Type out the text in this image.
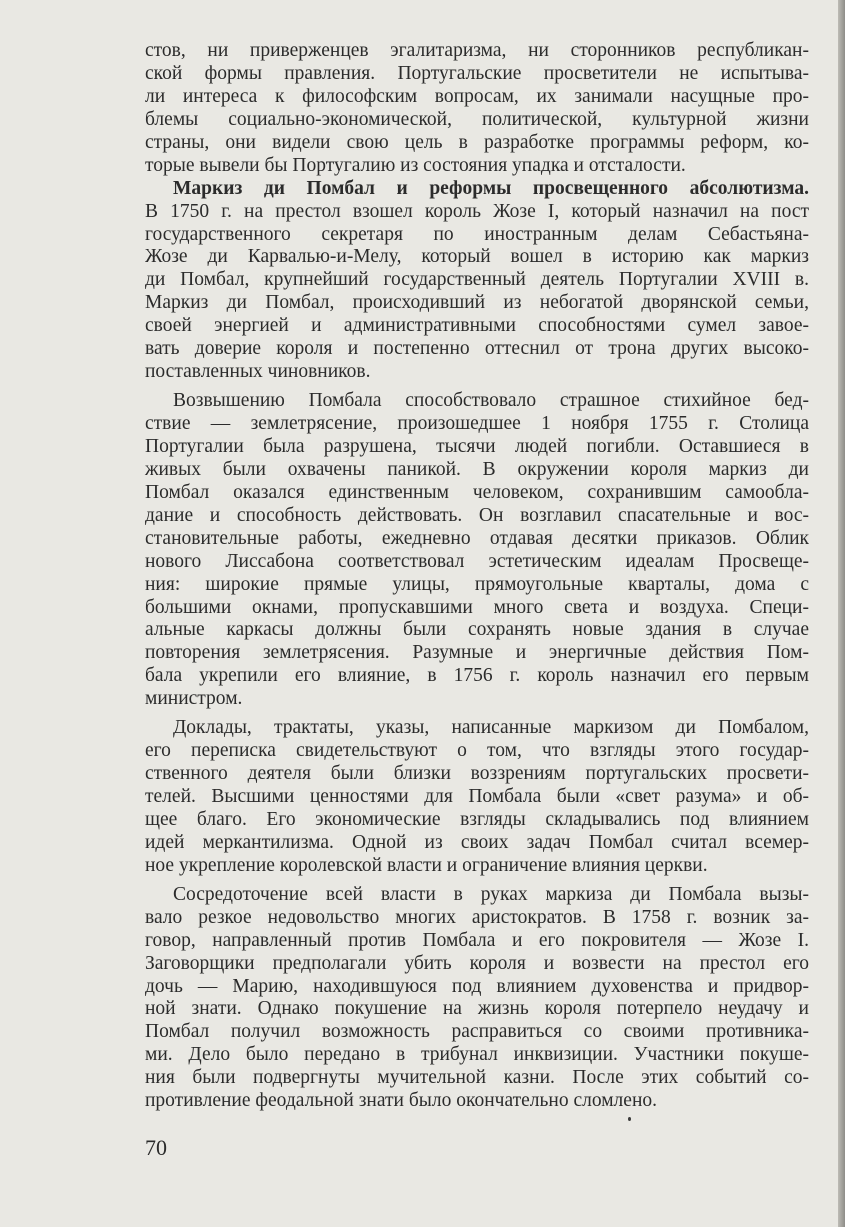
стов, ни приверженцев эгалитаризма, ни сторонников республикан-
ской формы правления. Португальские просветители не испытыва-
ли интереса к философским вопросам, их занимали насущные про-
блемы социально-экономической, политической, культурной жизни
страны, они видели свою цель в разработке программы реформ, ко-
торые вывели бы Португалию из состояния упадка и отсталости.
Маркиз ди Помбал и реформы просвещенного абсолютизма.
В 1750 г. на престол взошел король Жозе I, который назначил на пост
государственного секретаря по иностранным делам Себастьяна-
Жозе ди Карвалью-и-Мелу, который вошел в историю как маркиз
ди Помбал, крупнейший государственный деятель Португалии XVIII в.
Маркиз ди Помбал, происходивший из небогатой дворянской семьи,
своей энергией и административными способностями сумел завое-
вать доверие короля и постепенно оттеснил от трона других высоко-
поставленных чиновников.
Возвышению Помбала способствовало страшное стихийное бед-
ствие — землетрясение, произошедшее 1 ноября 1755 г. Столица
Португалии была разрушена, тысячи людей погибли. Оставшиеся в
живых были охвачены паникой. В окружении короля маркиз ди
Помбал оказался единственным человеком, сохранившим самообла-
дание и способность действовать. Он возглавил спасательные и вос-
становительные работы, ежедневно отдавая десятки приказов. Облик
нового Лиссабона соответствовал эстетическим идеалам Просвеще-
ния: широкие прямые улицы, прямоугольные кварталы, дома с
большими окнами, пропускавшими много света и воздуха. Специ-
альные каркасы должны были сохранять новые здания в случае
повторения землетрясения. Разумные и энергичные действия Пом-
бала укрепили его влияние, в 1756 г. король назначил его первым
министром.
Доклады, трактаты, указы, написанные маркизом ди Помбалом,
его переписка свидетельствуют о том, что взгляды этого государ-
ственного деятеля были близки воззрениям португальских просвети-
телей. Высшими ценностями для Помбала были «свет разума» и об-
щее благо. Его экономические взгляды складывались под влиянием
идей меркантилизма. Одной из своих задач Помбал считал всемер-
ное укрепление королевской власти и ограничение влияния церкви.
Сосредоточение всей власти в руках маркиза ди Помбала вызы-
вало резкое недовольство многих аристократов. В 1758 г. возник за-
говор, направленный против Помбала и его покровителя — Жозе I.
Заговорщики предполагали убить короля и возвести на престол его
дочь — Марию, находившуюся под влиянием духовенства и придвор-
ной знати. Однако покушение на жизнь короля потерпело неудачу и
Помбал получил возможность расправиться со своими противника-
ми. Дело было передано в трибунал инквизиции. Участники покуше-
ния были подвергнуты мучительной казни. После этих событий со-
противление феодальной знати было окончательно сломлено.
70
